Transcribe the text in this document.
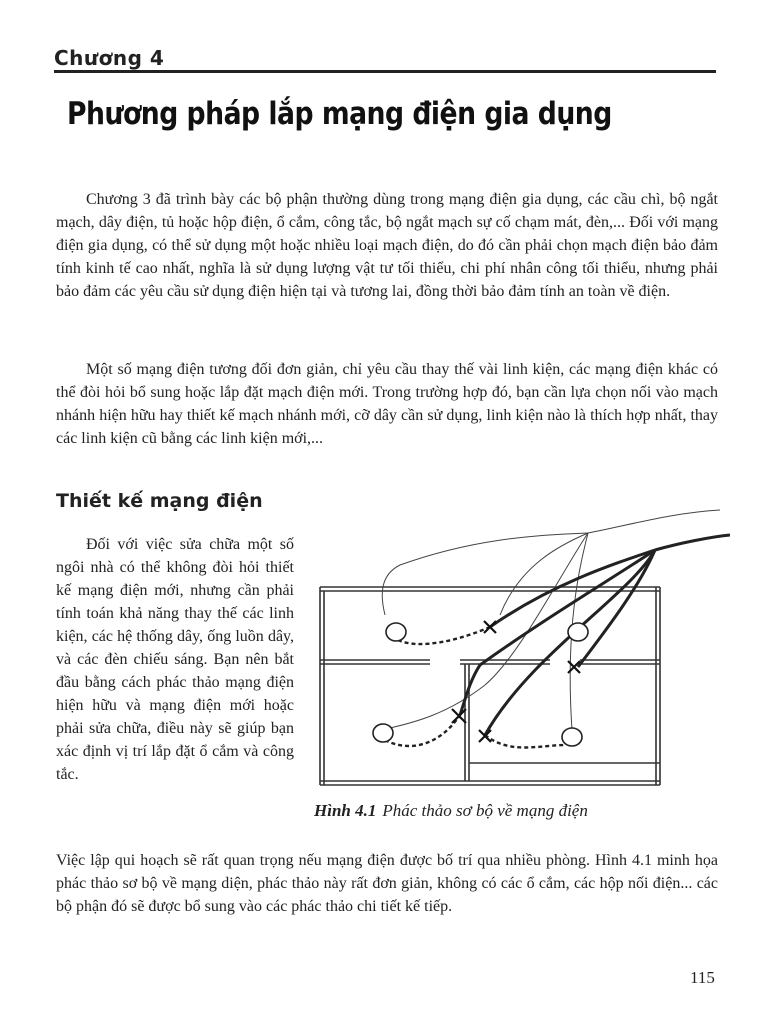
Chương 4
Phương pháp lắp mạng điện gia dụng

Chương 3 đã trình bày các bộ phận thường dùng trong mạng điện gia dụng, các cầu chì, bộ ngắt mạch, dây điện, tủ hoặc hộp điện, ổ cắm, công tắc, bộ ngắt mạch sự cố chạm mát, đèn,... Đối với mạng điện gia dụng, có thể sử dụng một hoặc nhiều loại mạch điện, do đó cần phải chọn mạch điện bảo đảm tính kinh tế cao nhất, nghĩa là sử dụng lượng vật tư tối thiểu, chi phí nhân công tối thiểu, nhưng phải bảo đảm các yêu cầu sử dụng điện hiện tại và tương lai, đồng thời bảo đảm tính an toàn về điện.

Một số mạng điện tương đối đơn giản, chỉ yêu cầu thay thế vài linh kiện, các mạng điện khác có thể đòi hỏi bổ sung hoặc lắp đặt mạch điện mới. Trong trường hợp đó, bạn cần lựa chọn nối vào mạch nhánh hiện hữu hay thiết kế mạch nhánh mới, cỡ dây cần sử dụng, linh kiện nào là thích hợp nhất, thay các linh kiện cũ bằng các linh kiện mới,...

Thiết kế mạng điện

Đối với việc sửa chữa một số ngôi nhà có thể không đòi hỏi thiết kế mạng điện mới, nhưng cần phải tính toán khả năng thay thế các linh kiện, các hệ thống dây, ống luồn dây, và các đèn chiếu sáng. Bạn nên bắt đầu bằng cách phác thảo mạng điện hiện hữu và mạng điện mới hoặc phải sửa chữa, điều này sẽ giúp bạn xác định vị trí lắp đặt ổ cắm và công tắc.

Hình 4.1 Phác thảo sơ bộ về mạng điện

Việc lập qui hoạch sẽ rất quan trọng nếu mạng điện được bố trí qua nhiều phòng. Hình 4.1 minh họa phác thảo sơ bộ về mạng diện, phác thảo này rất đơn giản, không có các ổ cắm, các hộp nối điện... các bộ phận đó sẽ được bổ sung vào các phác thảo chi tiết kế tiếp.

115
